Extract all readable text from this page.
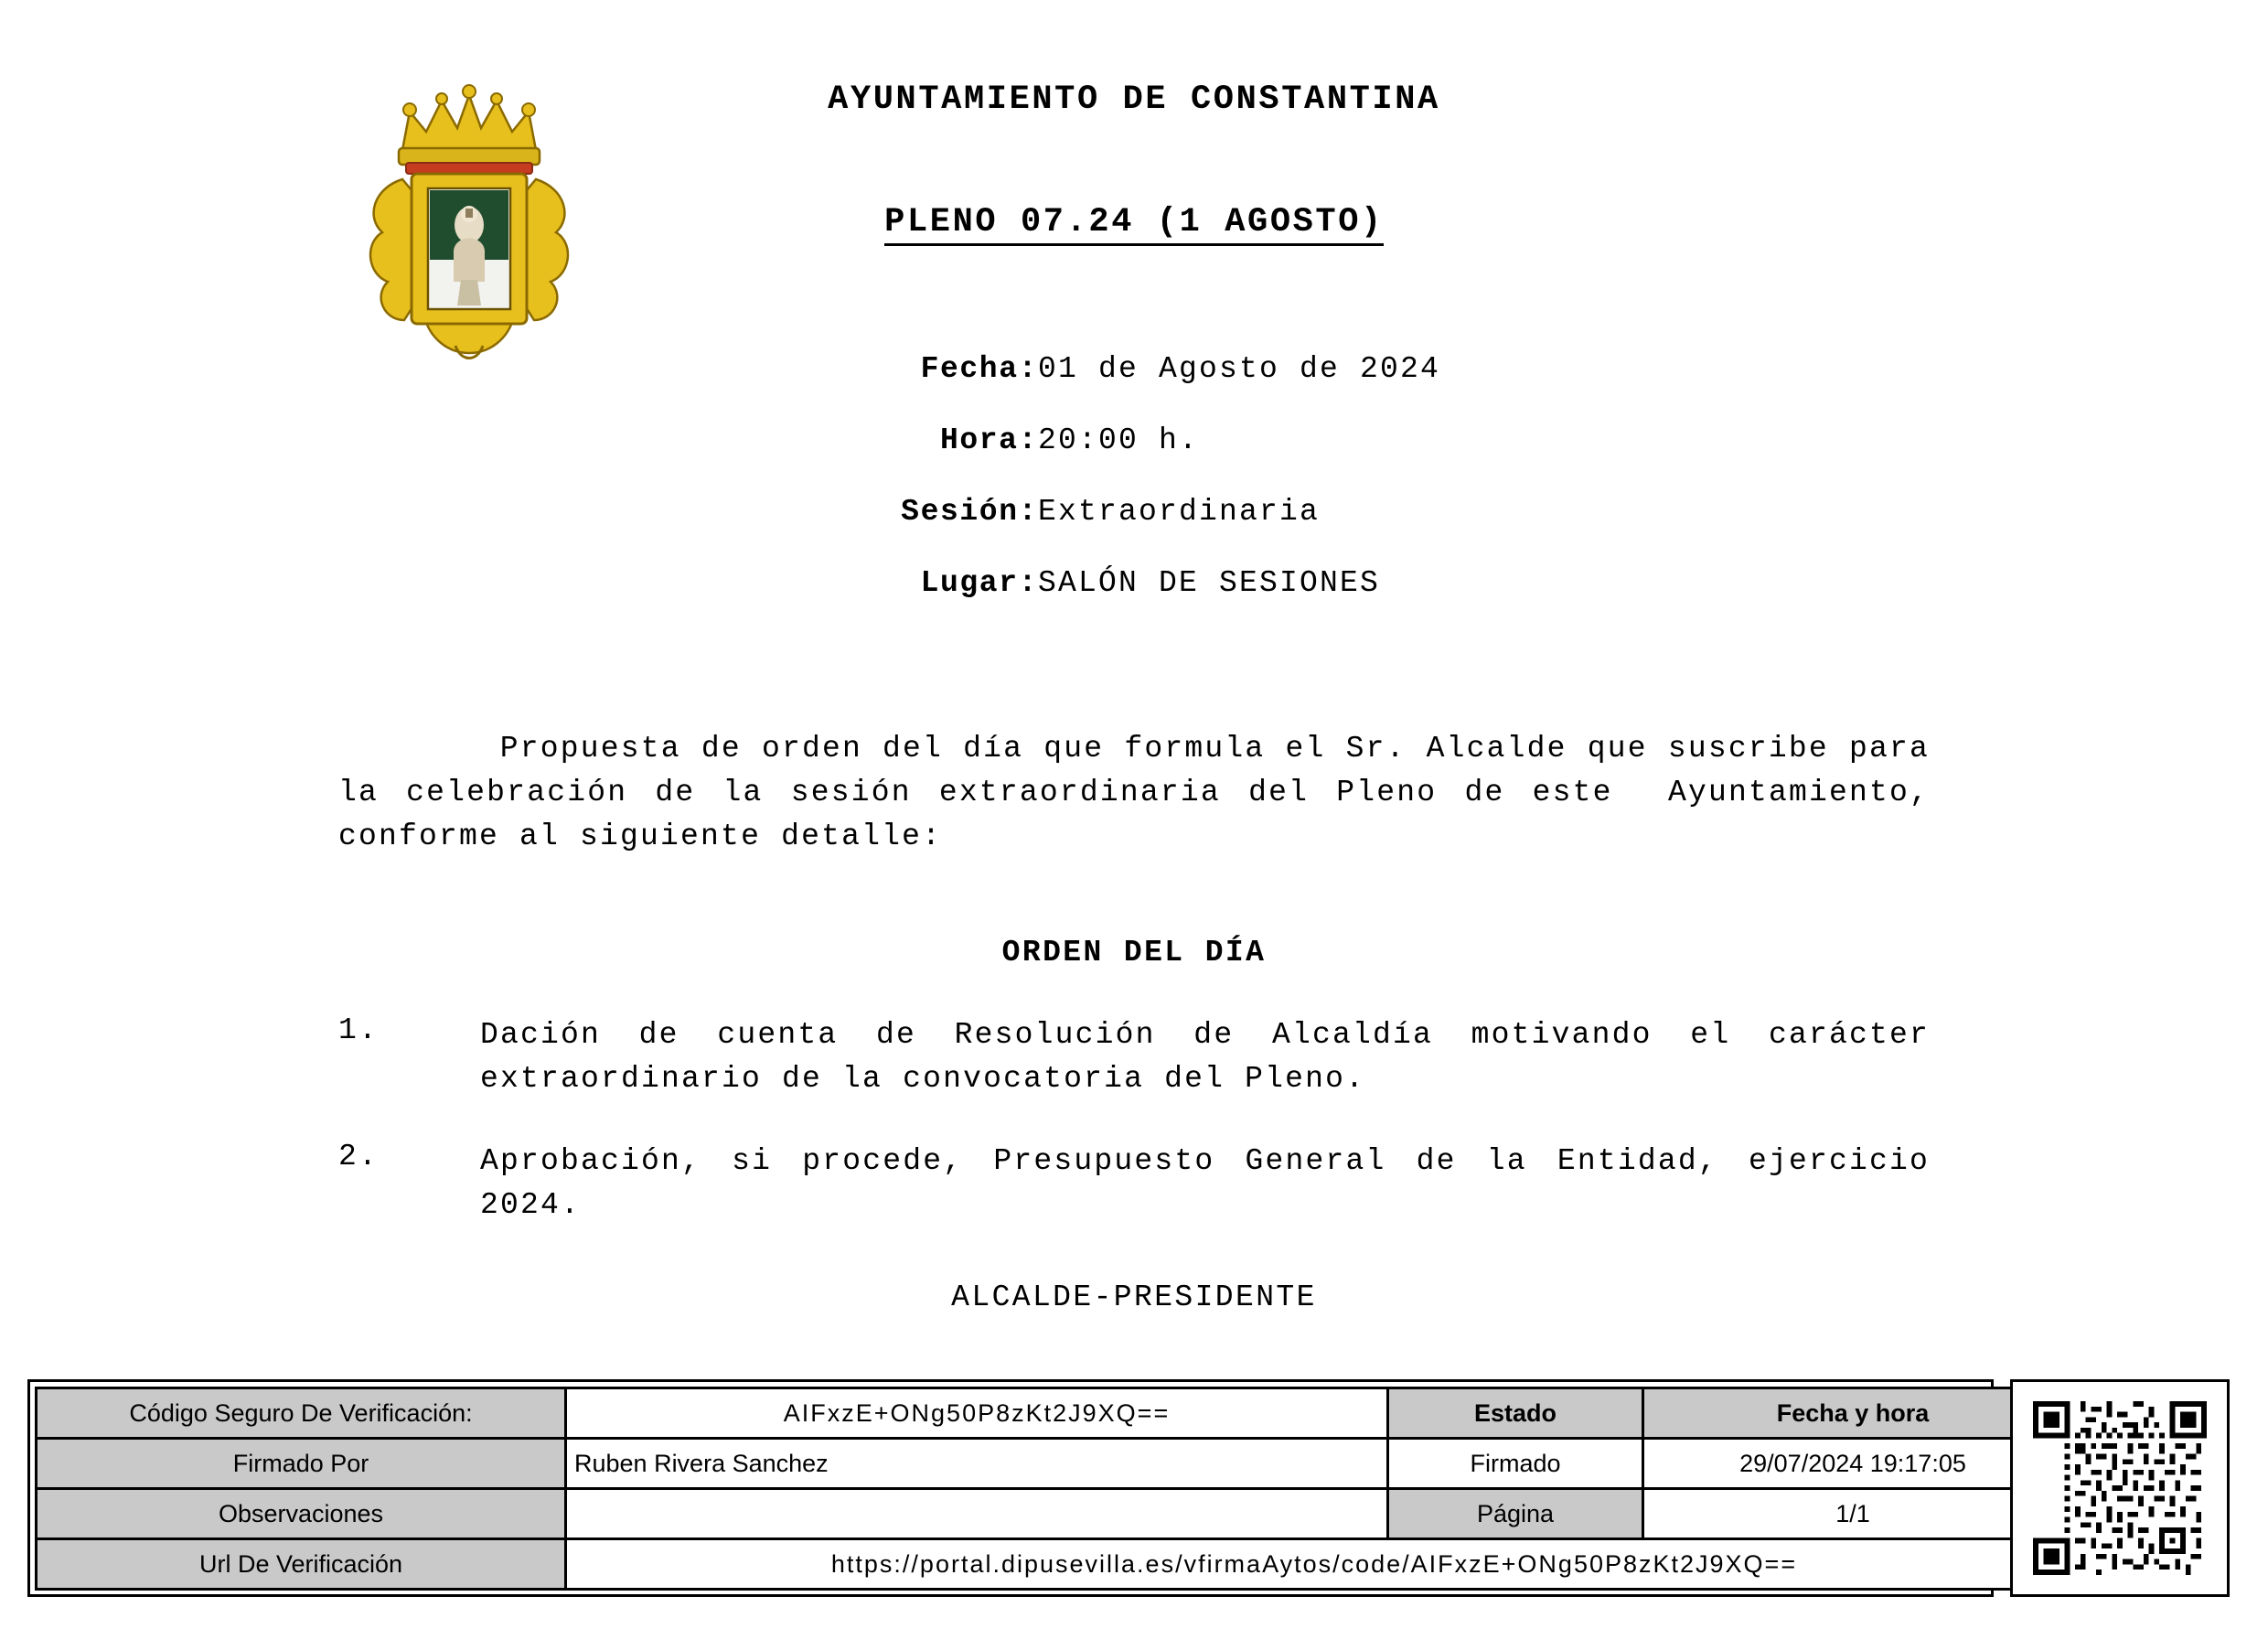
AYUNTAMIENTO DE CONSTANTINA
PLENO 07.24 (1 AGOSTO)
Fecha: 01 de Agosto de 2024
Hora: 20:00 h.
Sesión: Extraordinaria
Lugar: SALÓN DE SESIONES
Propuesta de orden del día que formula el Sr. Alcalde que suscribe para la celebración de la sesión extraordinaria del Pleno de este  Ayuntamiento, conforme al siguiente detalle:
ORDEN DEL DÍA
1.	Dación de cuenta de Resolución de Alcaldía motivando el carácter extraordinario de la convocatoria del Pleno.
2.	Aprobación, si procede, Presupuesto General de la Entidad, ejercicio 2024.
ALCALDE-PRESIDENTE
Código Seguro De Verificación:	AIFxzE+ONg50P8zKt2J9XQ==	Estado	Fecha y hora
Firmado Por	Ruben Rivera Sanchez	Firmado	29/07/2024 19:17:05
Observaciones		Página	1/1
Url De Verificación	https://portal.dipusevilla.es/vfirmaAytos/code/AIFxzE+ONg50P8zKt2J9XQ==		
